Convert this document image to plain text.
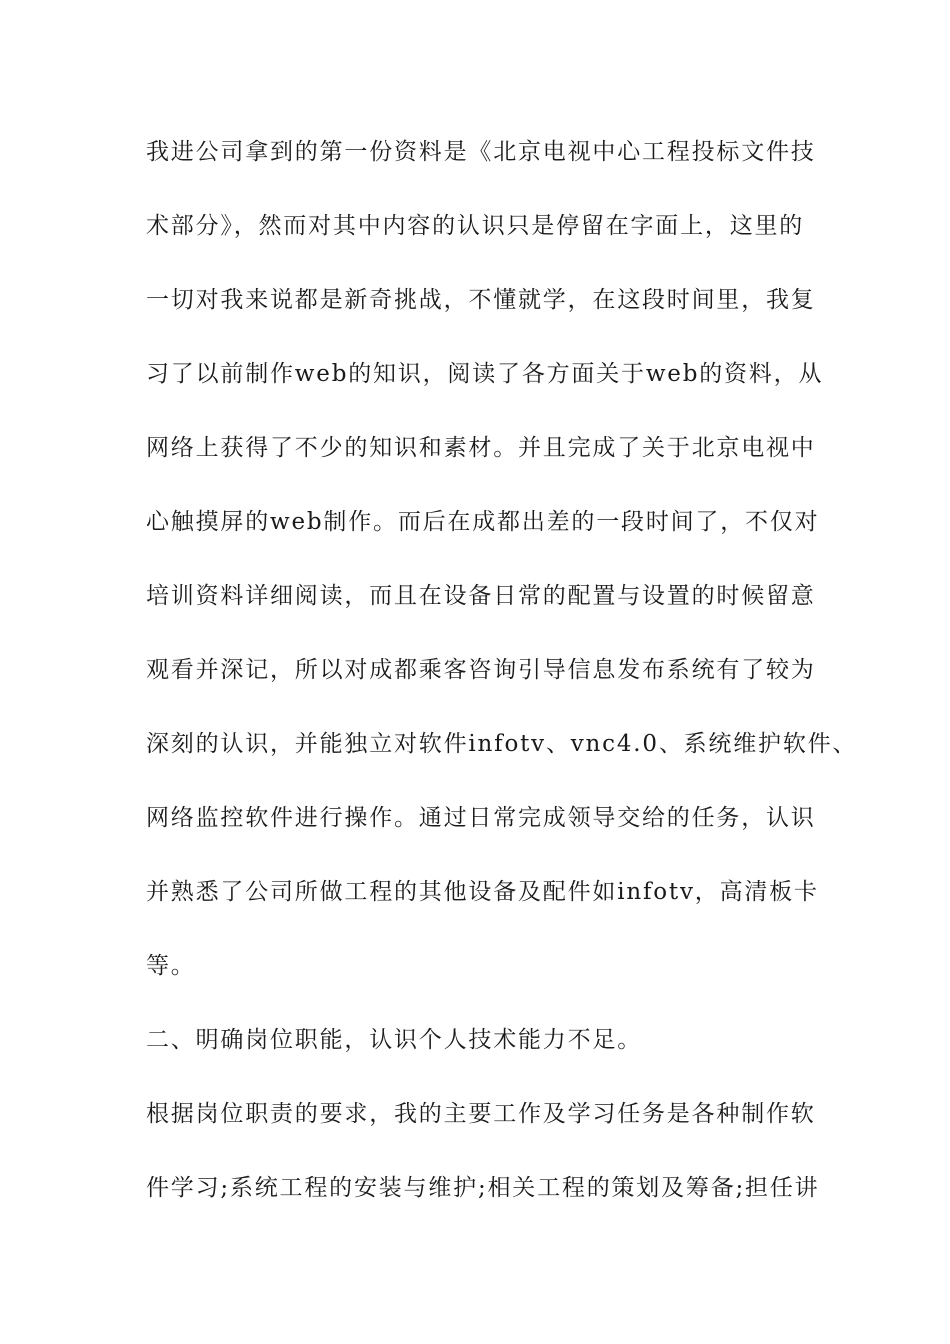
我进公司拿到的第一份资料是《北京电视中心工程投标文件技
术部分》，然而对其中内容的认识只是停留在字面上，这里的
一切对我来说都是新奇挑战，不懂就学，在这段时间里，我复
习了以前制作web的知识，阅读了各方面关于web的资料，从
网络上获得了不少的知识和素材。并且完成了关于北京电视中
心触摸屏的web制作。而后在成都出差的一段时间了，不仅对
培训资料详细阅读，而且在设备日常的配置与设置的时候留意
观看并深记，所以对成都乘客咨询引导信息发布系统有了较为
深刻的认识，并能独立对软件infotv、vnc4.0、系统维护软件、
网络监控软件进行操作。通过日常完成领导交给的任务，认识
并熟悉了公司所做工程的其他设备及配件如infotv，高清板卡
等。
二、明确岗位职能，认识个人技术能力不足。
根据岗位职责的要求，我的主要工作及学习任务是各种制作软
件学习;系统工程的安装与维护;相关工程的策划及筹备;担任讲
